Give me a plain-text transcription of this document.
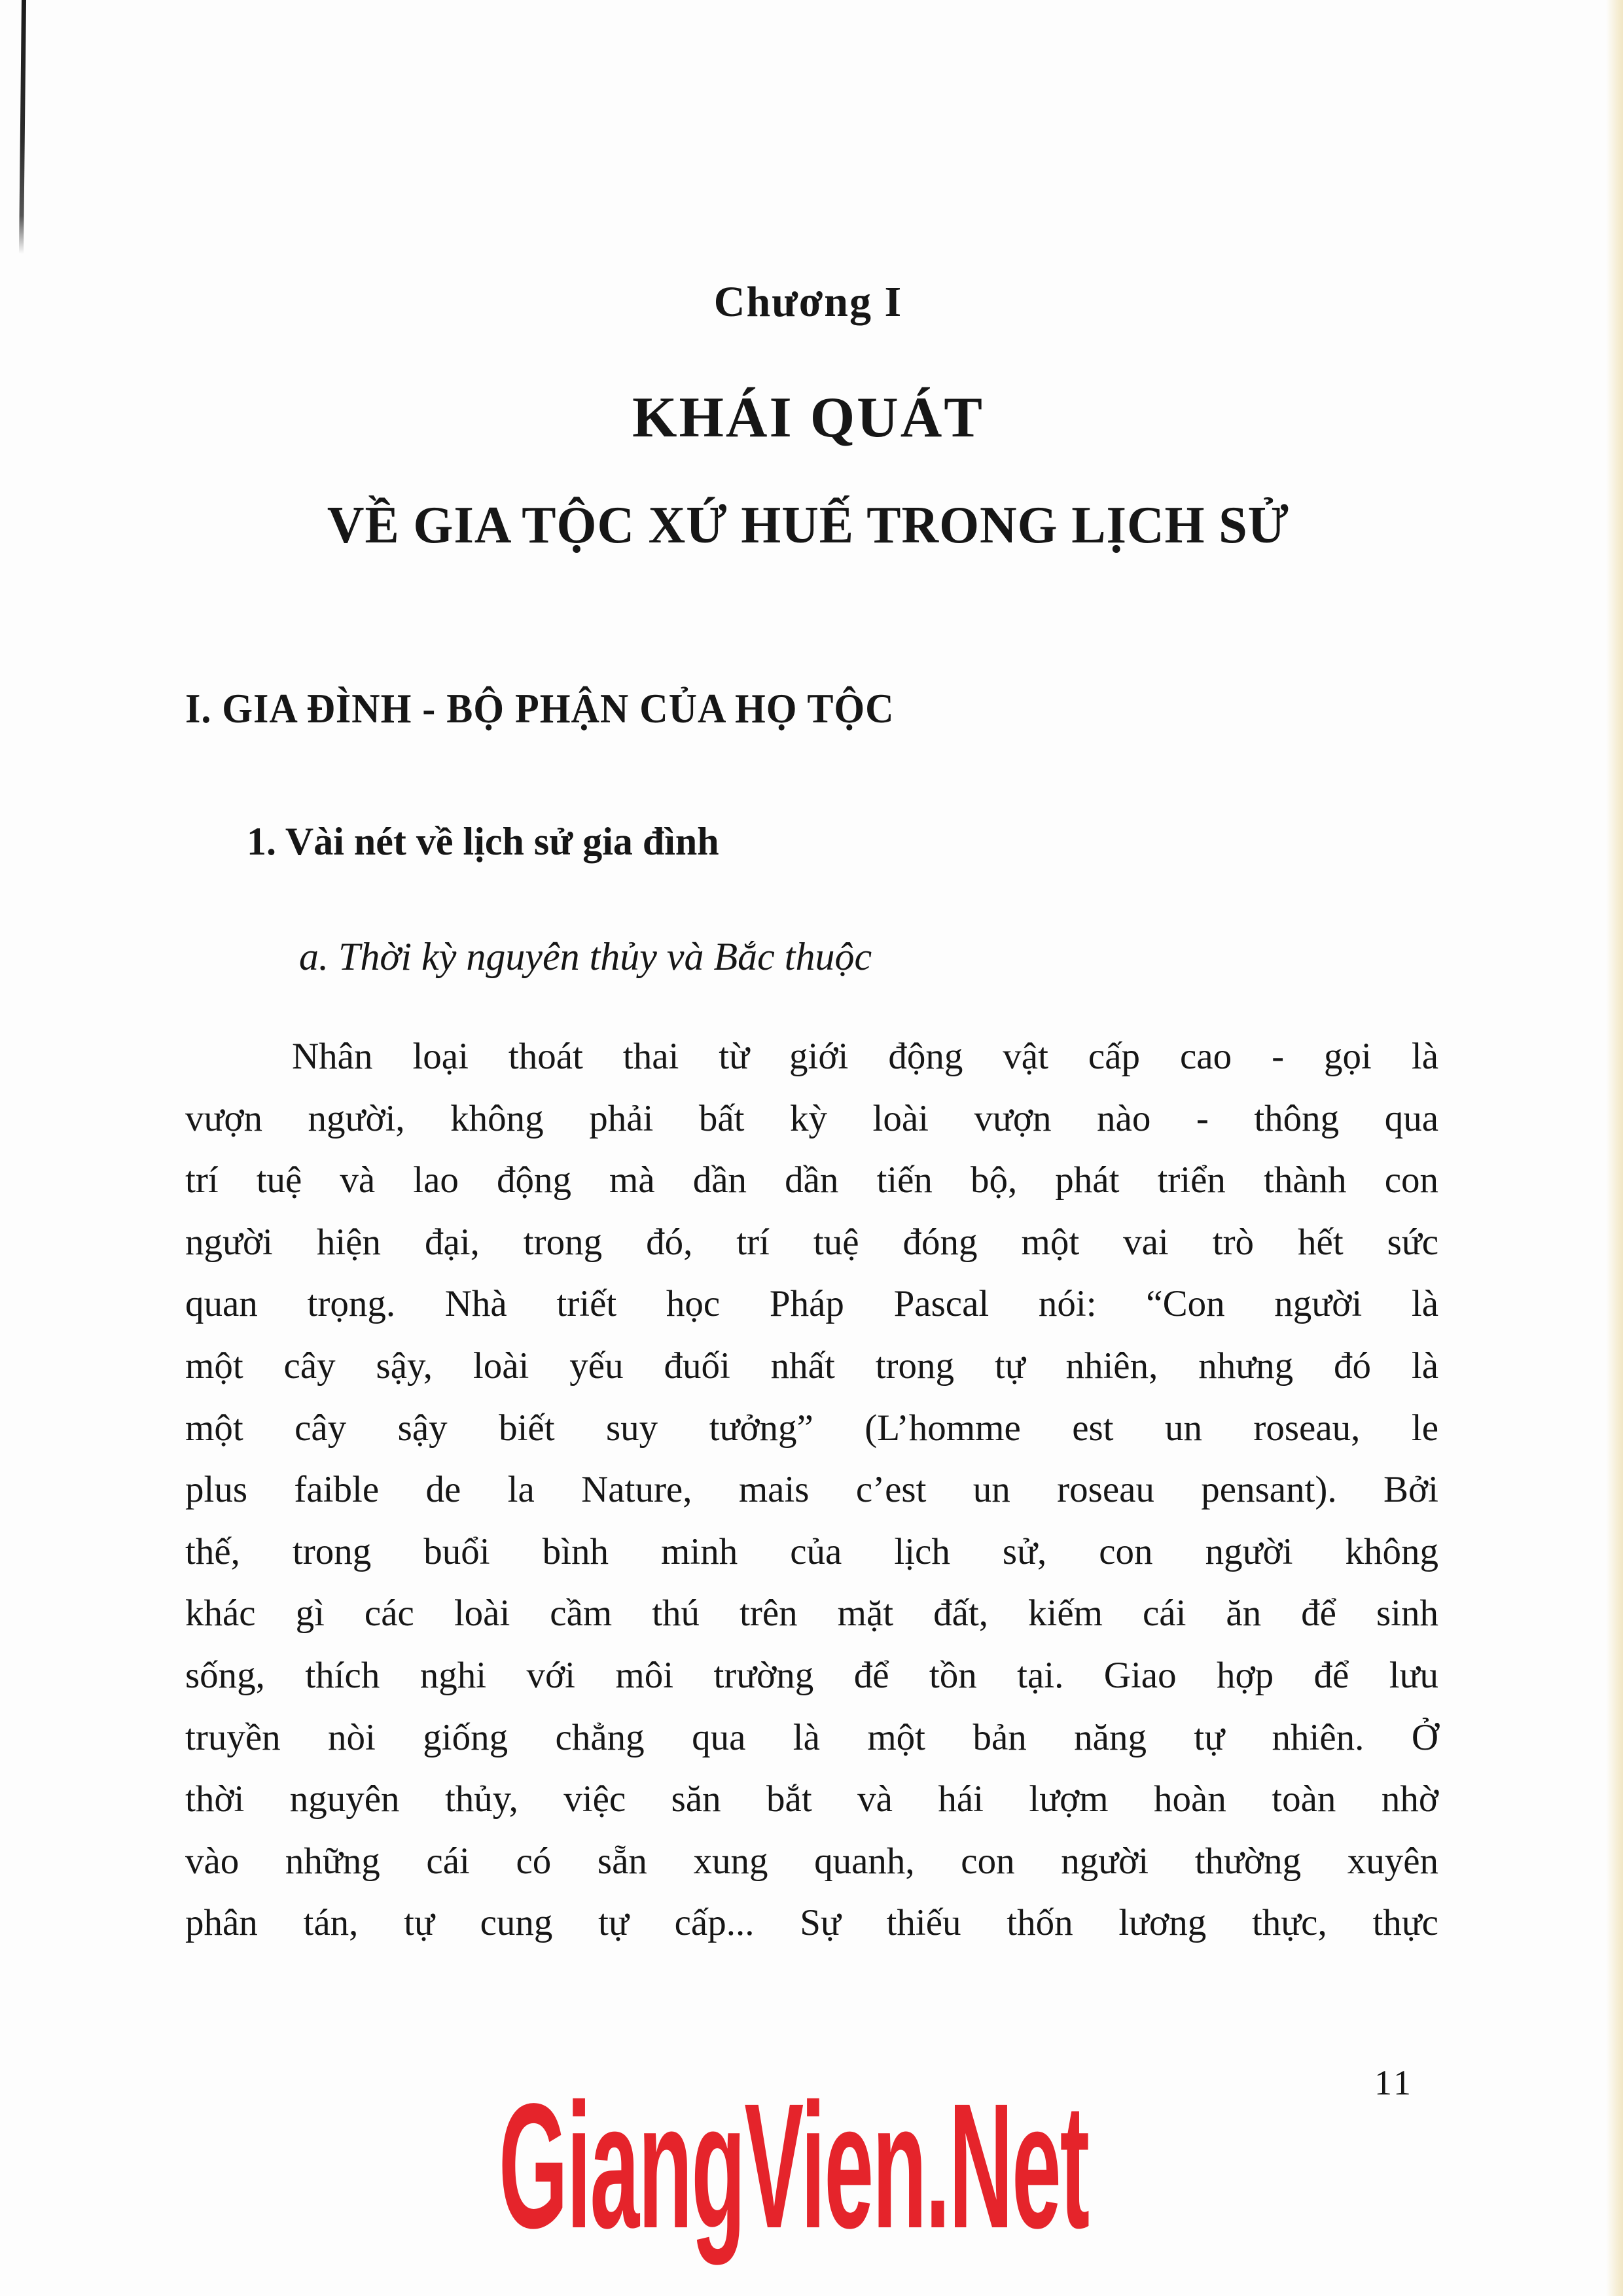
Chương I
KHÁI QUÁT
VỀ GIA TỘC XỨ HUẾ TRONG LỊCH SỬ
I. GIA ĐÌNH - BỘ PHẬN CỦA HỌ TỘC
1. Vài nét về lịch sử gia đình
a. Thời kỳ nguyên thủy và Bắc thuộc
Nhân loại thoát thai từ giới động vật cấp cao - gọi là
vượn người, không phải bất kỳ loài vượn nào - thông qua
trí tuệ và lao động mà dần dần tiến bộ, phát triển thành con
người hiện đại, trong đó, trí tuệ đóng một vai trò hết sức
quan trọng. Nhà triết học Pháp Pascal nói: “Con người là
một cây sậy, loài yếu đuối nhất trong tự nhiên, nhưng đó là
một cây sậy biết suy tưởng” (L’homme est un roseau, le
plus faible de la Nature, mais c’est un roseau pensant). Bởi
thế, trong buổi bình minh của lịch sử, con người không
khác gì các loài cầm thú trên mặt đất, kiếm cái ăn để sinh
sống, thích nghi với môi trường để tồn tại. Giao hợp để lưu
truyền nòi giống chẳng qua là một bản năng tự nhiên. Ở
thời nguyên thủy, việc săn bắt và hái lượm hoàn toàn nhờ
vào những cái có sẵn xung quanh, con người thường xuyên
phân tán, tự cung tự cấp... Sự thiếu thốn lương thực, thực
11
GiangVien.Net
